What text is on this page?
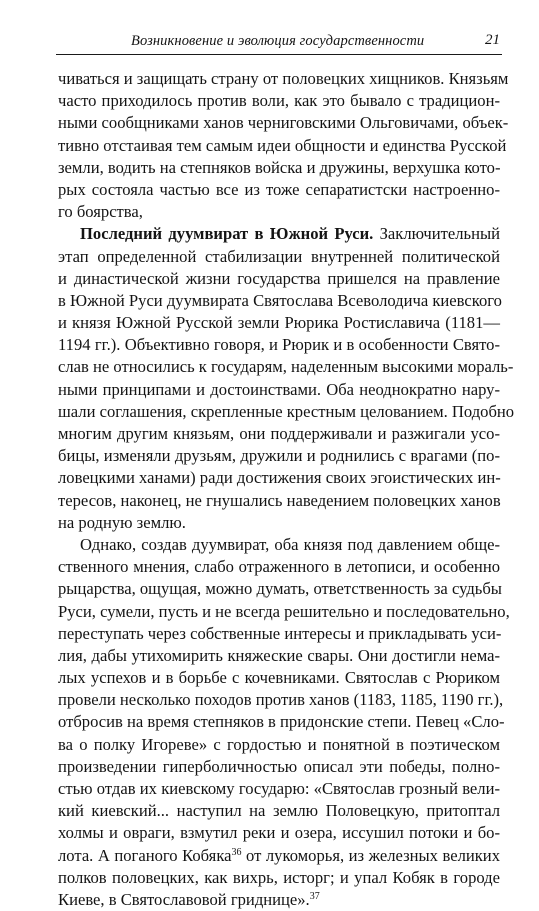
Возникновение и эволюция государственности	21
чиваться и защищать страну от половецких хищников. Князьям
часто приходилось против воли, как это бывало с традицион-
ными сообщниками ханов черниговскими Ольговичами, объек-
тивно отстаивая тем самым идеи общности и единства Русской
земли, водить на степняков войска и дружины, верхушка кото-
рых состояла частью все из тоже сепаратистски настроенно-
го боярства,
Последний дуумвират в Южной Руси. Заключительный
этап определенной стабилизации внутренней политической
и династической жизни государства пришелся на правление
в Южной Руси дуумвирата Святослава Всеволодича киевского
и князя Южной Русской земли Рюрика Ростиславича (1181—
1194 гг.). Объективно говоря, и Рюрик и в особенности Свято-
слав не относились к государям, наделенным высокими мораль-
ными принципами и достоинствами. Оба неоднократно нару-
шали соглашения, скрепленные крестным целованием. Подобно
многим другим князьям, они поддерживали и разжигали усо-
бицы, изменяли друзьям, дружили и роднились с врагами (по-
ловецкими ханами) ради достижения своих эгоистических ин-
тересов, наконец, не гнушались наведением половецких ханов
на родную землю.
Однако, создав дуумвират, оба князя под давлением обще-
ственного мнения, слабо отраженного в летописи, и особенно
рыцарства, ощущая, можно думать, ответственность за судьбы
Руси, сумели, пусть и не всегда решительно и последовательно,
переступать через собственные интересы и прикладывать уси-
лия, дабы утихомирить княжеские свары. Они достигли нема-
лых успехов и в борьбе с кочевниками. Святослав с Рюриком
провели несколько походов против ханов (1183, 1185, 1190 гг.),
отбросив на время степняков в придонские степи. Певец «Сло-
ва о полку Игореве» с гордостью и понятной в поэтическом
произведении гиперболичностью описал эти победы, полно-
стью отдав их киевскому государю: «Святослав грозный вели-
кий киевский... наступил на землю Половецкую, притоптал
холмы и овраги, взмутил реки и озера, иссушил потоки и бо-
лота. А поганого Кобяка$^{36}$ от лукоморья, из железных великих
полков половецких, как вихрь, исторг; и упал Кобяк в городе
Киеве, в Святославовой гриднице».$^{37}$
